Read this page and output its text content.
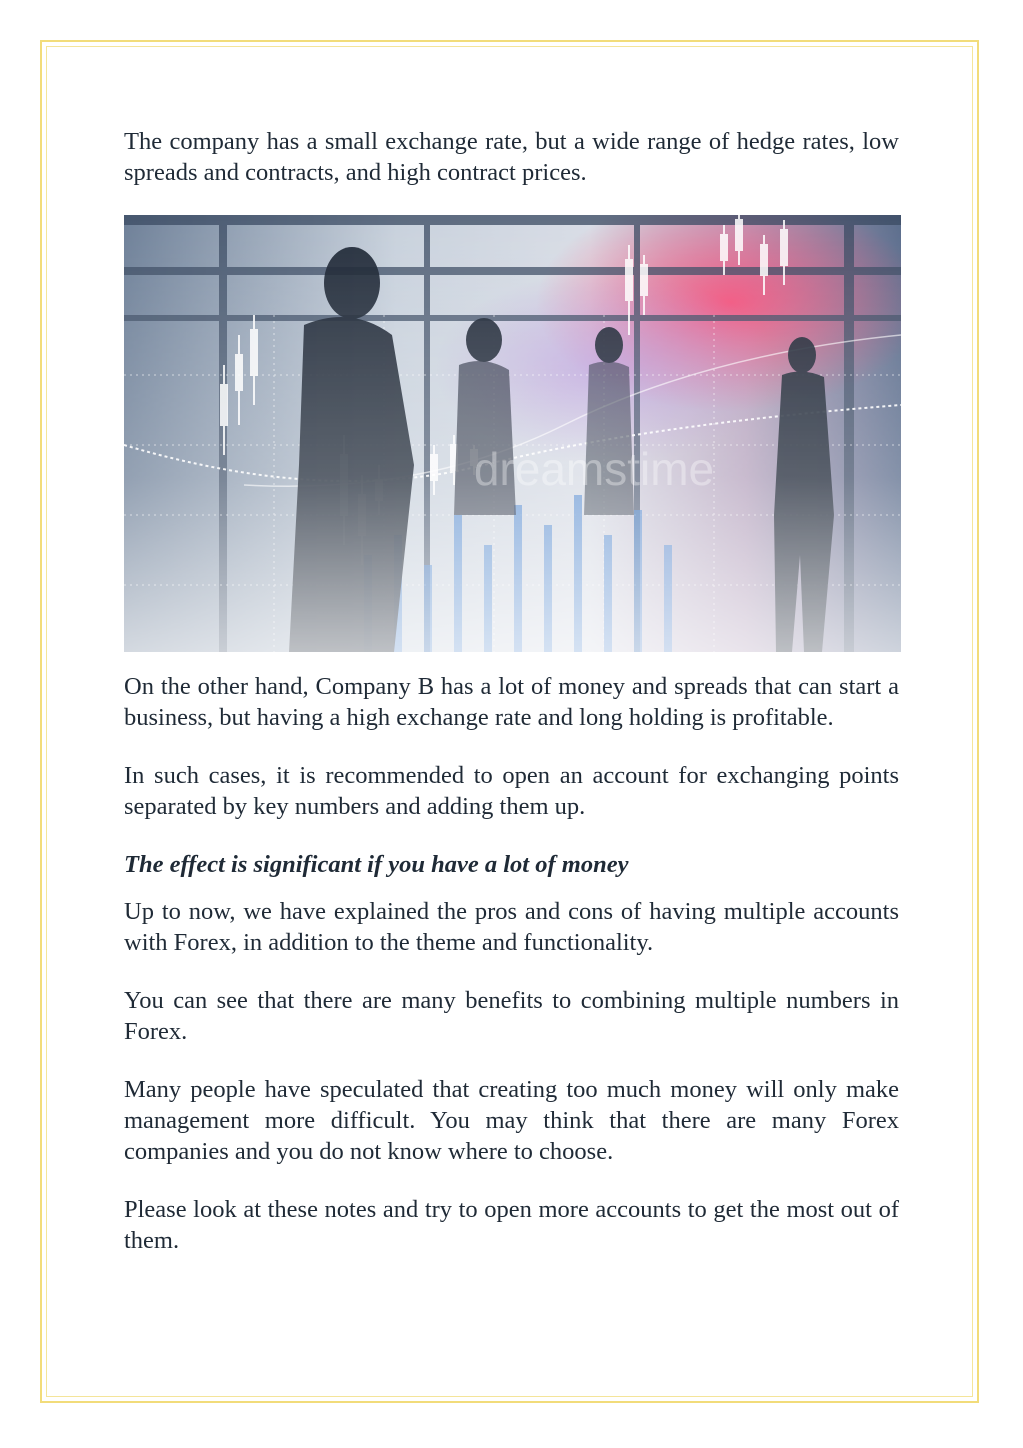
The company has a small exchange rate, but a wide range of hedge rates, low spreads and contracts, and high contract prices.

On the other hand, Company B has a lot of money and spreads that can start a business, but having a high exchange rate and long holding is profitable.

In such cases, it is recommended to open an account for exchanging points separated by key numbers and adding them up.

The effect is significant if you have a lot of money

Up to now, we have explained the pros and cons of having multiple accounts with Forex, in addition to the theme and functionality.

You can see that there are many benefits to combining multiple numbers in Forex.

Many people have speculated that creating too much money will only make management more difficult. You may think that there are many Forex companies and you do not know where to choose.

Please look at these notes and try to open more accounts to get the most out of them.
